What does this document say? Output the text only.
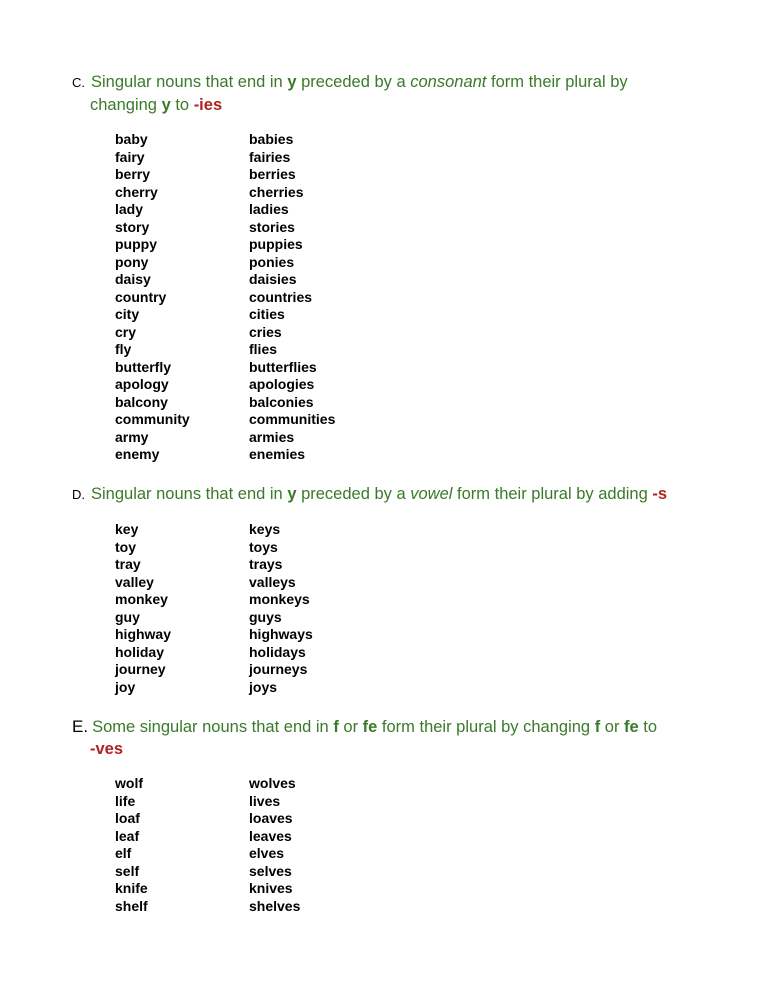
C. Singular nouns that end in y preceded by a consonant form their plural by
changing y to -ies
baby	babies
fairy	fairies
berry	berries
cherry	cherries
lady	ladies
story	stories
puppy	puppies
pony	ponies
daisy	daisies
country	countries
city	cities
cry	cries
fly	flies
butterfly	butterflies
apology	apologies
balcony	balconies
community	communities
army	armies
enemy	enemies
D. Singular nouns that end in y preceded by a vowel form their plural by adding -s
key	keys
toy	toys
tray	trays
valley	valleys
monkey	monkeys
guy	guys
highway	highways
holiday	holidays
journey	journeys
joy	joys
E. Some singular nouns that end in f or fe form their plural by changing f or fe to
-ves
wolf	wolves
life	lives
loaf	loaves
leaf	leaves
elf	elves
self	selves
knife	knives
shelf	shelves
